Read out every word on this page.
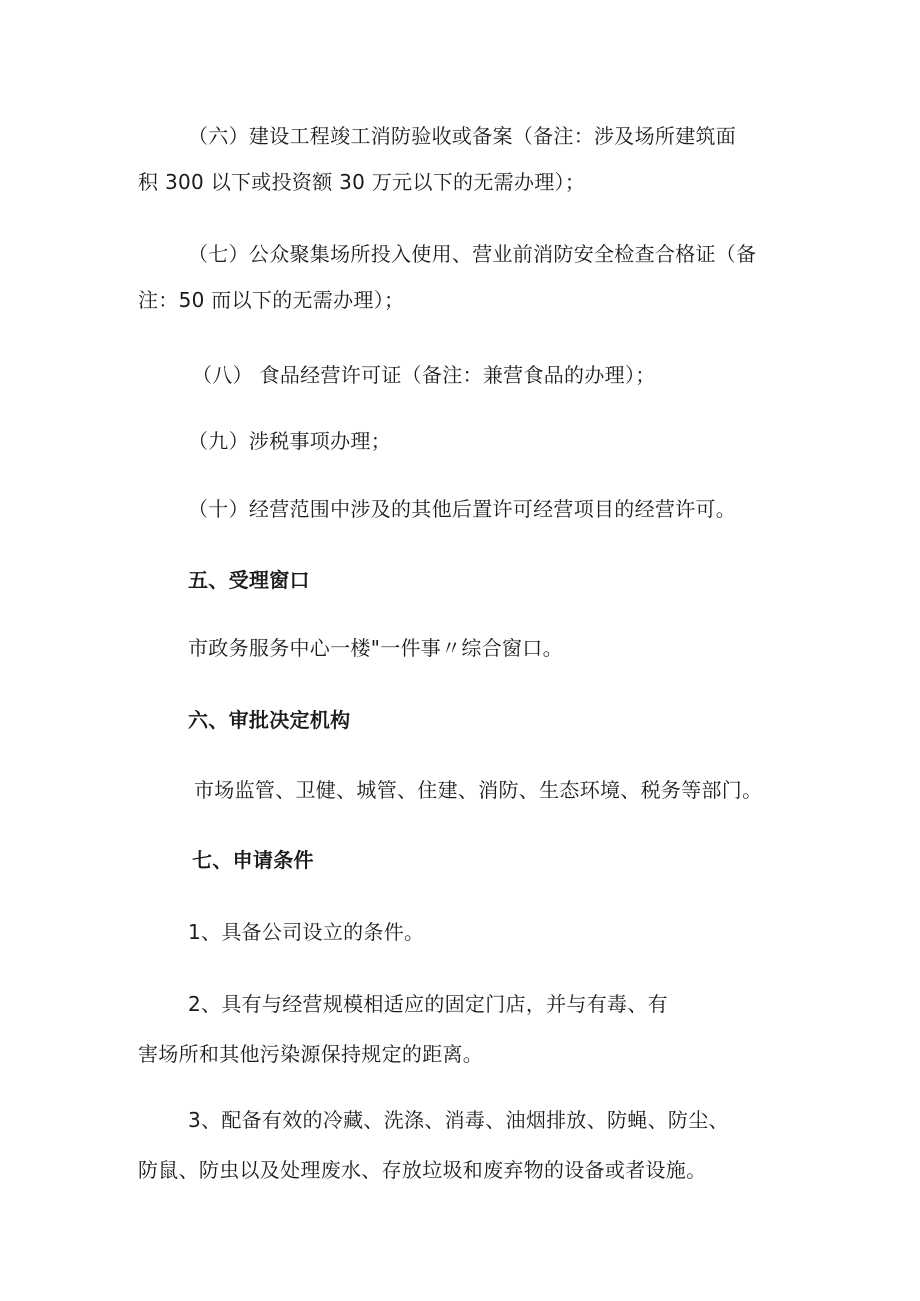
（六）建设工程竣工消防验收或备案（备注：涉及场所建筑面
积 300 以下或投资额 30 万元以下的无需办理）；
（七）公众聚集场所投入使用、营业前消防安全检查合格证（备
注：50 而以下的无需办理）；
（八） 食品经营许可证（备注：兼营食品的办理）；
（九）涉税事项办理；
（十）经营范围中涉及的其他后置许可经营项目的经营许可。
五、受理窗口
市政务服务中心一楼"一件事〃综合窗口。
六、审批决定机构
市场监管、卫健、城管、住建、消防、生态环境、税务等部门。
七、申请条件
1、具备公司设立的条件。
2、具有与经营规模相适应的固定门店，并与有毒、有
害场所和其他污染源保持规定的距离。
3、配备有效的冷藏、洗涤、消毒、油烟排放、防蝇、防尘、
防鼠、防虫以及处理废水、存放垃圾和废弃物的设备或者设施。
